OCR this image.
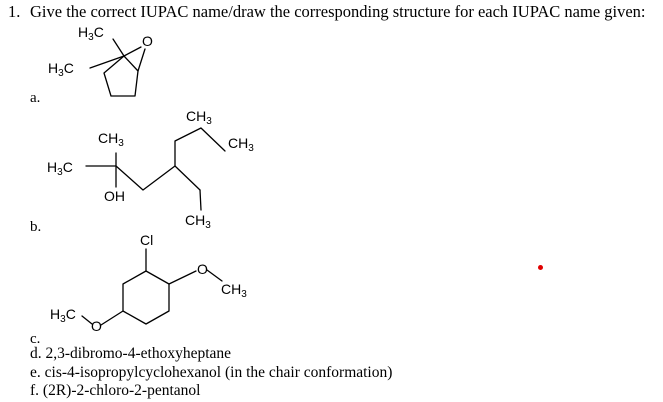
1. Give the correct IUPAC name/draw the corresponding structure for each IUPAC name given:
$H_3C$
$H_3C$
O
$CH_3$
$CH_3$	$CH_3$
$H_3C$
OH
$CH_3$
Cl
O
$CH_3$
$H_3C$
O
a.
b.
c.
d. 2,3-dibromo-4-ethoxyheptane
e. cis-4-isopropylcyclohexanol (in the chair conformation)
f. (2R)-2-chloro-2-pentanol
